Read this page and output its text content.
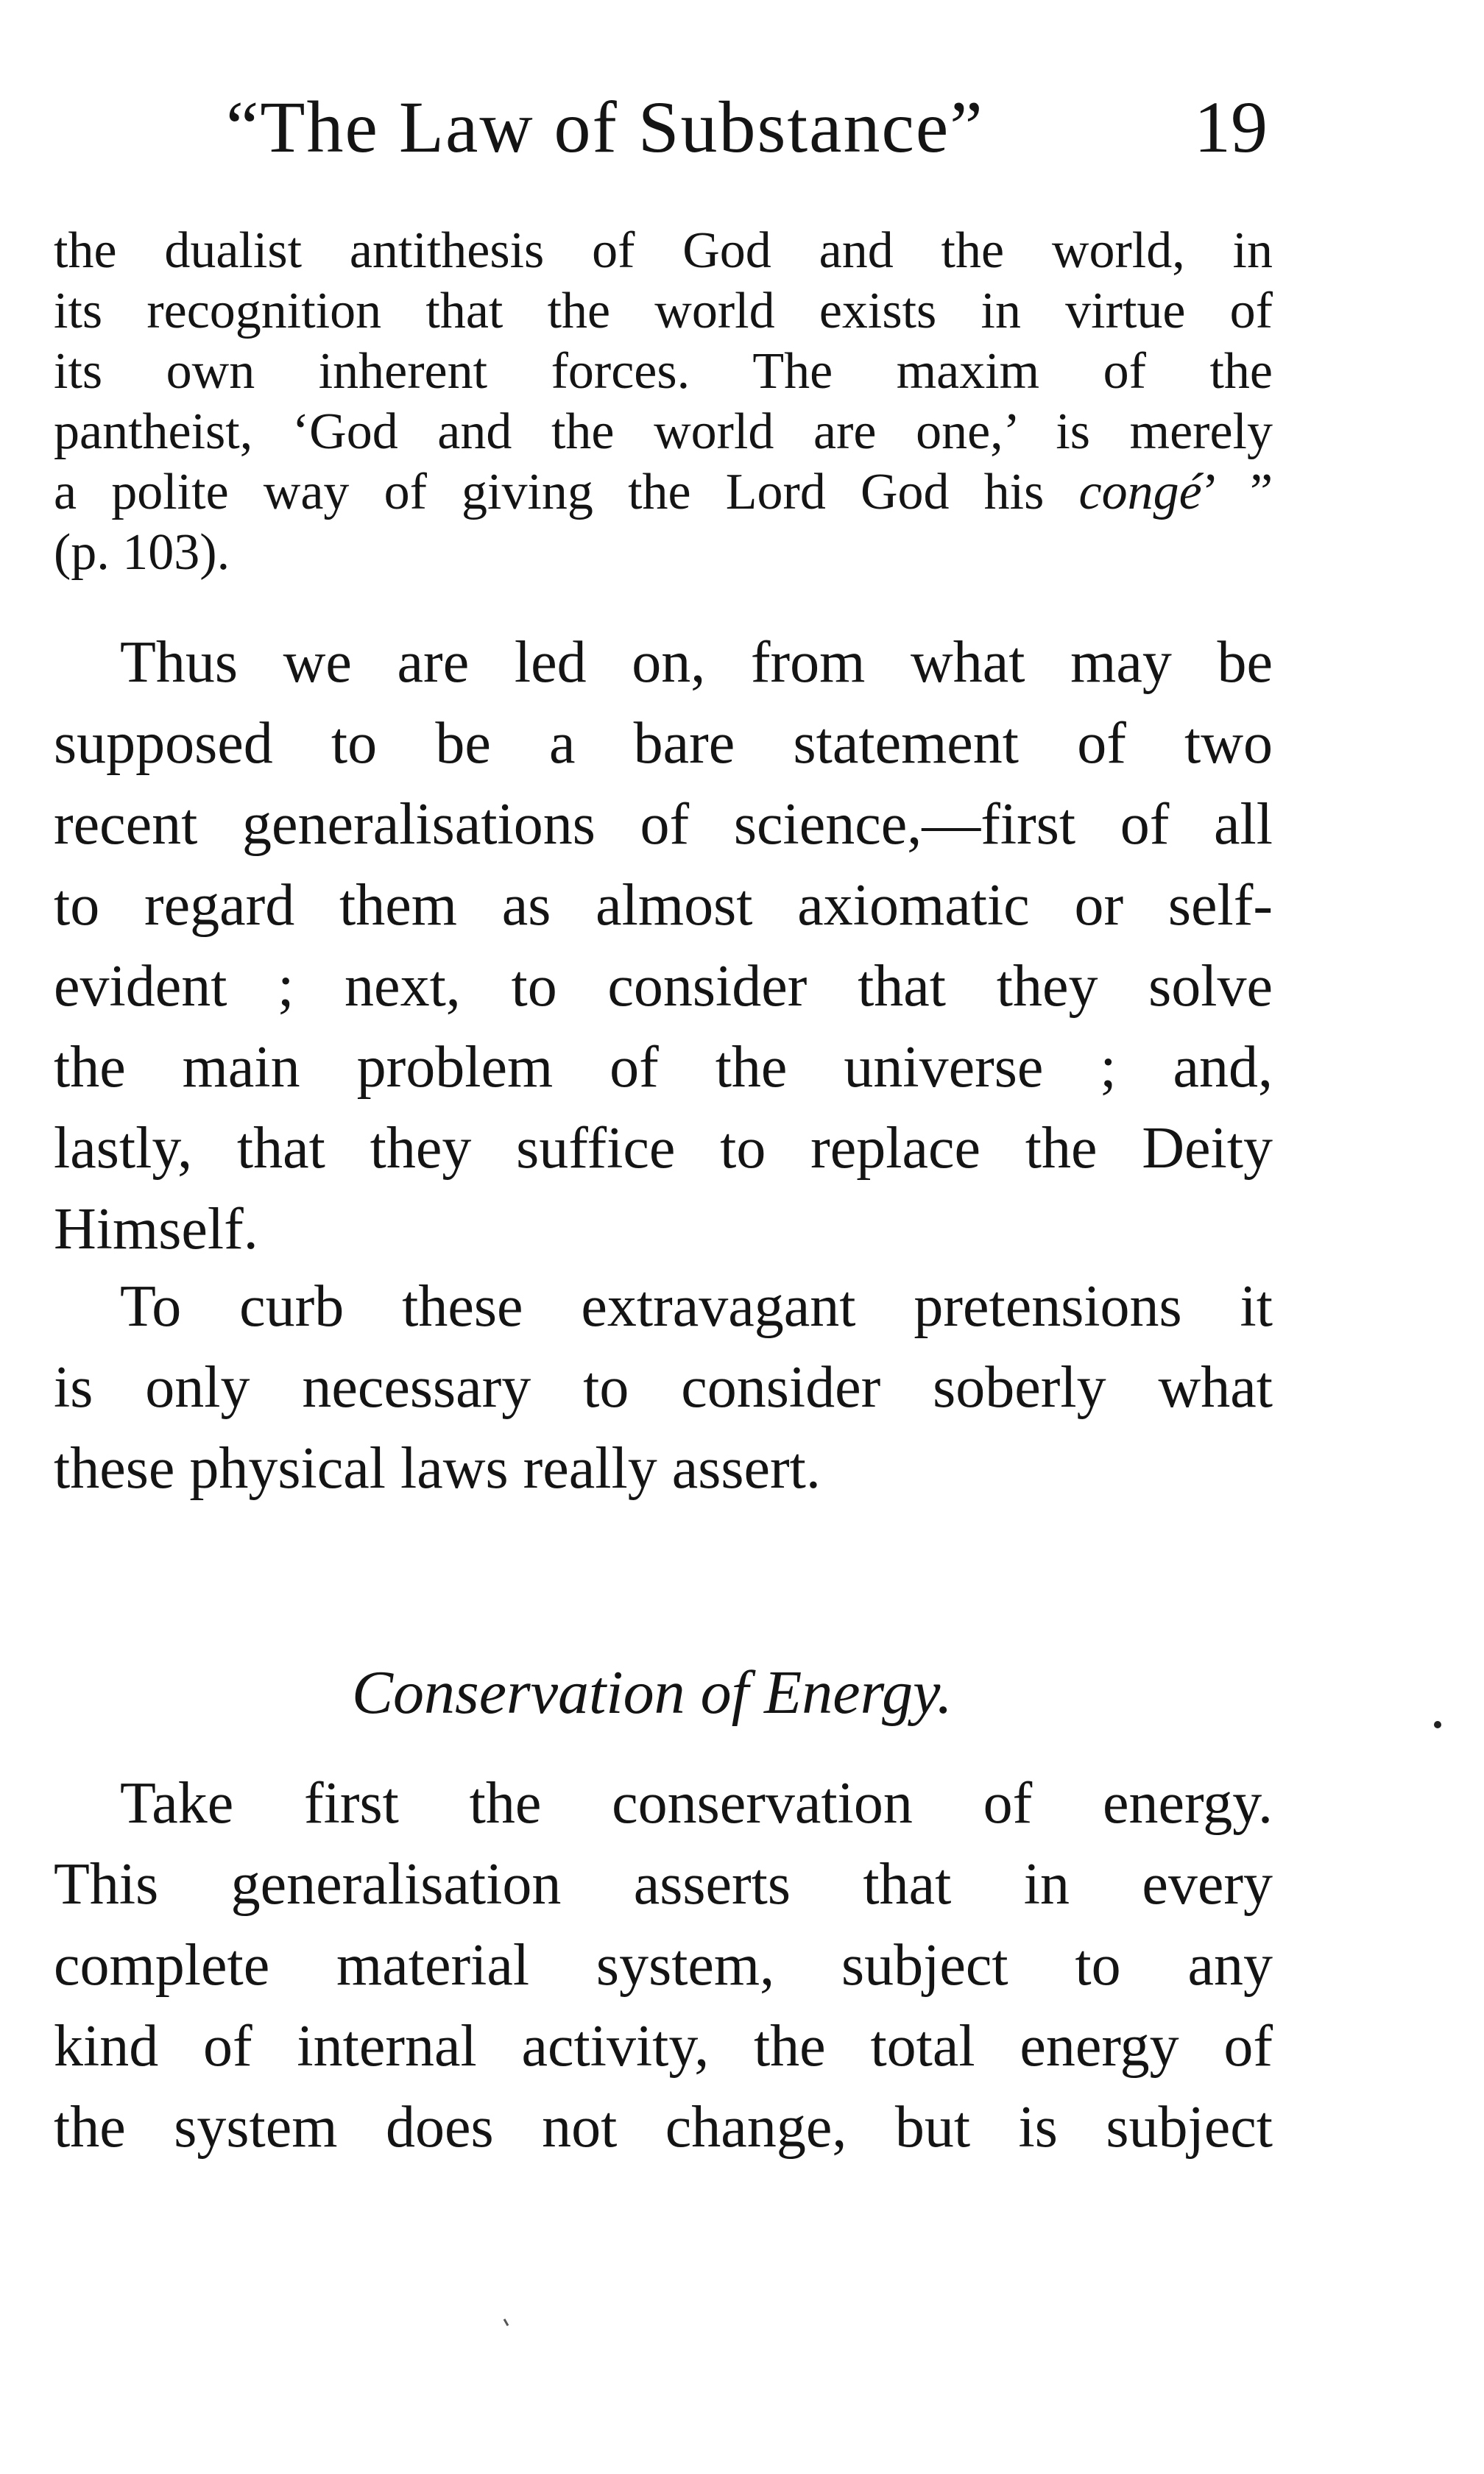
“The Law of Substance”	19
the dualist antithesis of God and the world, in
its recognition that the world exists in virtue of
its own inherent forces. The maxim of the
pantheist, ‘God and the world are one,’ is merely
a polite way of giving the Lord God his congé’ ”
(p. 103).
Thus we are led on, from what may be
supposed to be a bare statement of two
recent generalisations of science,—first of all
to regard them as almost axiomatic or self-
evident ; next, to consider that they solve
the main problem of the universe ; and,
lastly, that they suffice to replace the Deity
Himself.
To curb these extravagant pretensions it
is only necessary to consider soberly what
these physical laws really assert.
Conservation of Energy.
Take first the conservation of energy.
This generalisation asserts that in every
complete material system, subject to any
kind of internal activity, the total energy of
the system does not change, but is subject
